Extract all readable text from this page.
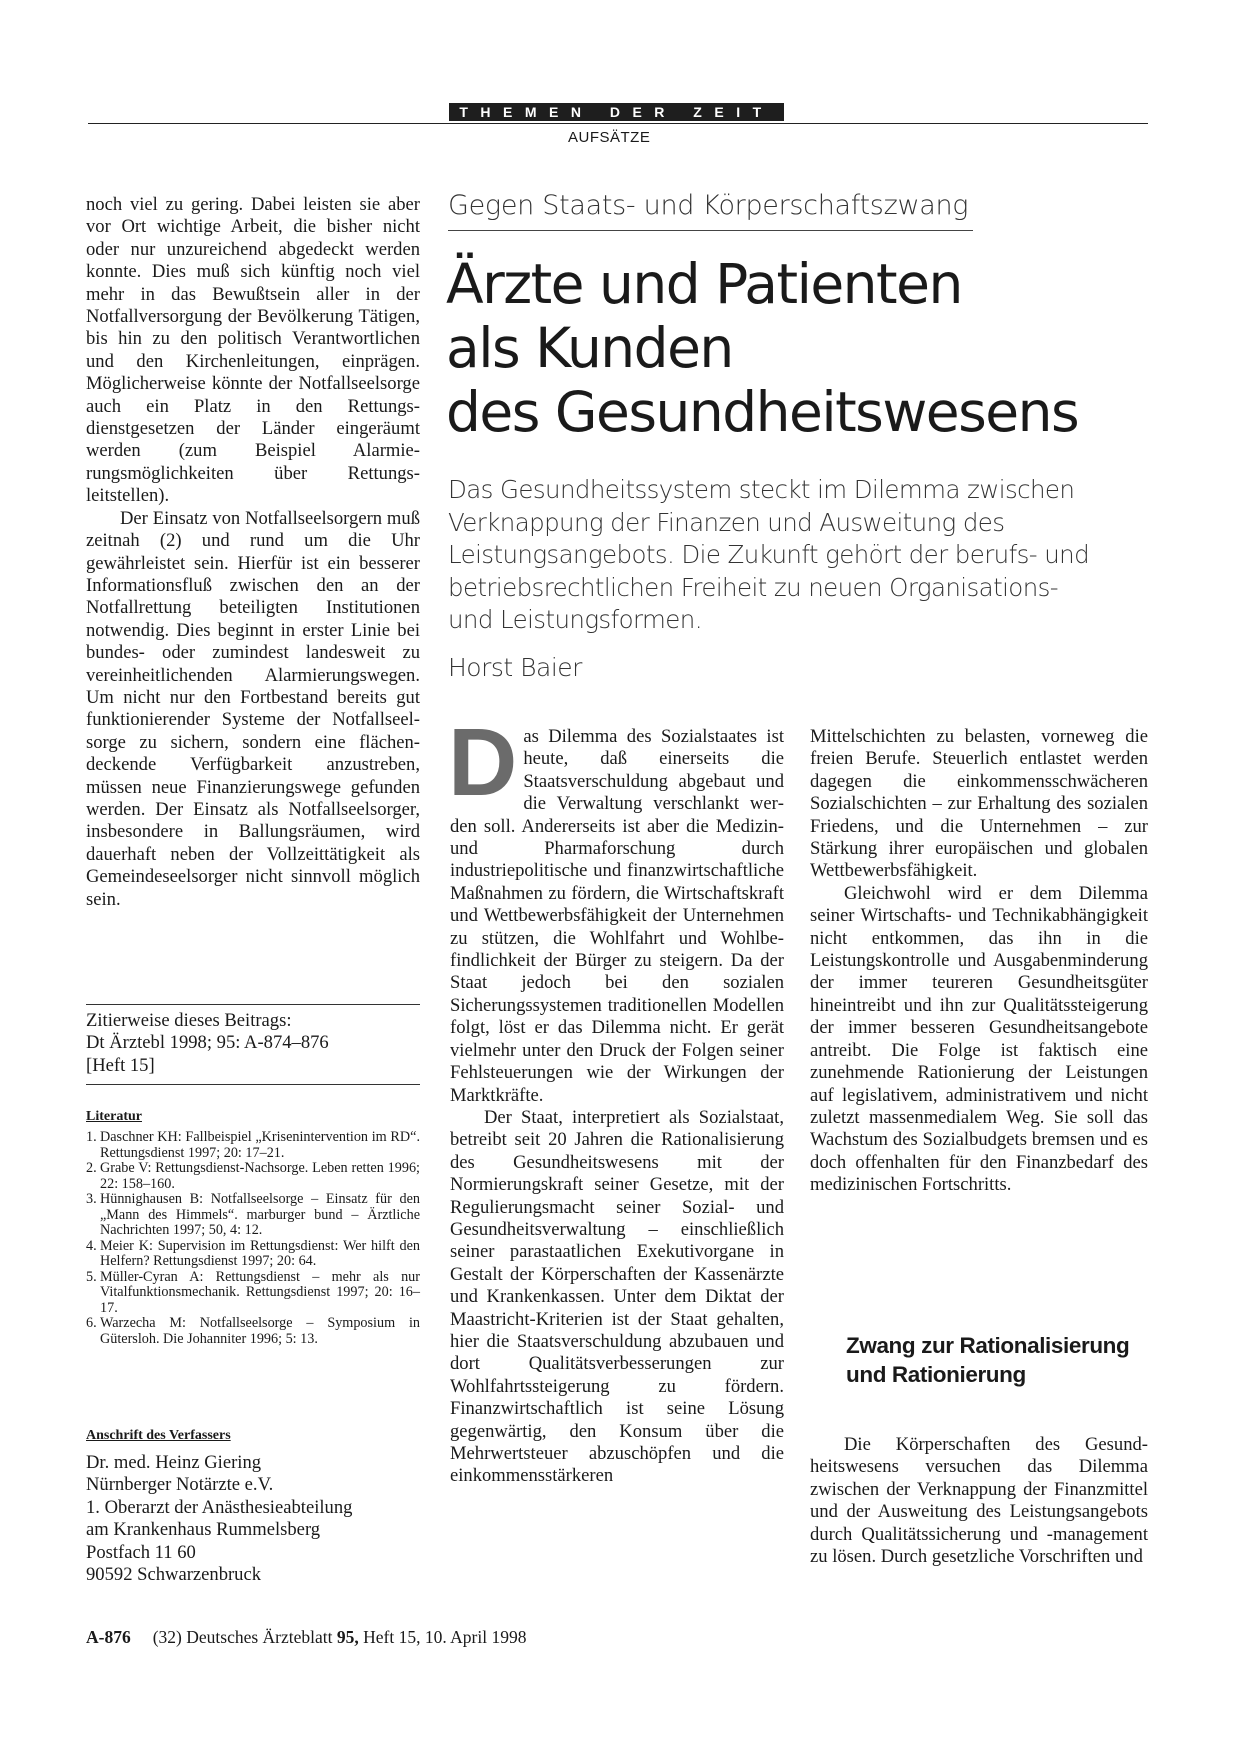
THEMEN DER ZEIT
AUFSÄTZE

noch viel zu gering. Dabei leisten sie aber vor Ort wichtige Arbeit, die bisher nicht oder nur unzureichend abgedeckt werden konnte. Dies muß sich künftig noch viel mehr in das Bewußtsein aller in der Notfallversorgung der Bevölkerung Tätigen, bis hin zu den politisch Verantwortlichen und den Kirchenleitungen, einprägen. Möglicherweise könnte der Notfallseelsorge auch ein Platz in den Rettungsdienstgesetzen der Länder eingeräumt werden (zum Beispiel Alarmierungsmöglichkeiten über Rettungsleitstellen).

Der Einsatz von Notfallseelsorgern muß zeitnah (2) und rund um die Uhr gewährleistet sein. Hierfür ist ein besserer Informationsfluß zwischen den an der Notfallrettung beteiligten Institutionen notwendig. Dies beginnt in erster Linie bei bundes- oder zumindest landesweit zu vereinheitlichenden Alarmierungswegen. Um nicht nur den Fortbestand bereits gut funktionierender Systeme der Notfallseelsorge zu sichern, sondern eine flächendeckende Verfügbarkeit anzustreben, müssen neue Finanzierungswege gefunden werden. Der Einsatz als Notfallseelsorger, insbesondere in Ballungsräumen, wird dauerhaft neben der Vollzeittätigkeit als Gemeindeseelsorger nicht sinnvoll möglich sein.

Zitierweise dieses Beitrags:
Dt Ärztebl 1998; 95: A-874–876
[Heft 15]
Literatur
1. Daschner KH: Fallbeispiel „Krisenintervention im RD“. Rettungsdienst 1997; 20: 17–21.
2. Grabe V: Rettungsdienst-Nachsorge. Leben retten 1996; 22: 158–160.
3. Hünnighausen B: Notfallseelsorge – Einsatz für den „Mann des Himmels“. marburger bund – Ärztliche Nachrichten 1997; 50, 4: 12.
4. Meier K: Supervision im Rettungsdienst: Wer hilft den Helfern? Rettungsdienst 1997; 20: 64.
5. Müller-Cyran A: Rettungsdienst – mehr als nur Vitalfunktionsmechanik. Rettungsdienst 1997; 20: 16–17.
6. Warzecha M: Notfallseelsorge – Symposium in Gütersloh. Die Johanniter 1996; 5: 13.
Anschrift des Verfassers
Dr. med. Heinz Giering
Nürnberger Notärzte e.V.
1. Oberarzt der Anästhesieabteilung
am Krankenhaus Rummelsberg
Postfach 11 60
90592 Schwarzenbruck
Gegen Staats- und Körperschaftszwang
Ärzte und Patienten
als Kunden
des Gesundheitswesens
Das Gesundheitssystem steckt im Dilemma zwischen
Verknappung der Finanzen und Ausweitung des
Leistungsangebots. Die Zukunft gehört der berufs- und
betriebsrechtlichen Freiheit zu neuen Organisations-
und Leistungsformen.
Horst Baier

Das Dilemma des Sozialstaates ist heute, daß einerseits die Staatsverschuldung abgebaut und die Verwaltung verschlankt werden soll. Andererseits ist aber die Medizin- und Pharmaforschung durch industriepolitische und finanzwirtschaftliche Maßnahmen zu fördern, die Wirtschaftskraft und Wettbewerbsfähigkeit der Unternehmen zu stützen, die Wohlfahrt und Wohlbefindlichkeit der Bürger zu steigern. Da der Staat jedoch bei den sozialen Sicherungssystemen traditionellen Modellen folgt, löst er das Dilemma nicht. Er gerät vielmehr unter den Druck der Folgen seiner Fehlsteuerungen wie der Wirkungen der Marktkräfte.

Der Staat, interpretiert als Sozialstaat, betreibt seit 20 Jahren die Rationalisierung des Gesundheitswesens mit der Normierungskraft seiner Gesetze, mit der Regulierungsmacht seiner Sozial- und Gesundheitsverwaltung – einschließlich seiner parastaatlichen Exekutivorgane in Gestalt der Körperschaften der Kassenärzte und Krankenkassen. Unter dem Diktat der Maastricht-Kriterien ist der Staat gehalten, hier die Staatsverschuldung abzubauen und dort Qualitätsverbesserungen zur Wohlfahrtssteigerung zu fördern. Finanzwirtschaftlich ist seine Lösung gegenwärtig, den Konsum über die Mehrwertsteuer abzuschöpfen und die einkommensstärkeren

Mittelschichten zu belasten, vorneweg die freien Berufe. Steuerlich entlastet werden dagegen die einkommensschwächeren Sozialschichten – zur Erhaltung des sozialen Friedens, und die Unternehmen – zur Stärkung ihrer europäischen und globalen Wettbewerbsfähigkeit.

Gleichwohl wird er dem Dilemma seiner Wirtschafts- und Technikabhängigkeit nicht entkommen, das ihn in die Leistungskontrolle und Ausgabenminderung der immer teureren Gesundheitsgüter hineintreibt und ihn zur Qualitätssteigerung der immer besseren Gesundheitsangebote antreibt. Die Folge ist faktisch eine zunehmende Rationierung der Leistungen auf legislativem, administrativem und nicht zuletzt massenmedialem Weg. Sie soll das Wachstum des Sozialbudgets bremsen und es doch offenhalten für den Finanzbedarf des medizinischen Fortschritts.

Zwang zur Rationalisierung und Rationierung

Die Körperschaften des Gesundheitswesens versuchen das Dilemma zwischen der Verknappung der Finanzmittel und der Ausweitung des Leistungsangebots durch Qualitätssicherung und -management zu lösen. Durch gesetzliche Vorschriften und

A-876 (32) Deutsches Ärzteblatt 95, Heft 15, 10. April 1998
